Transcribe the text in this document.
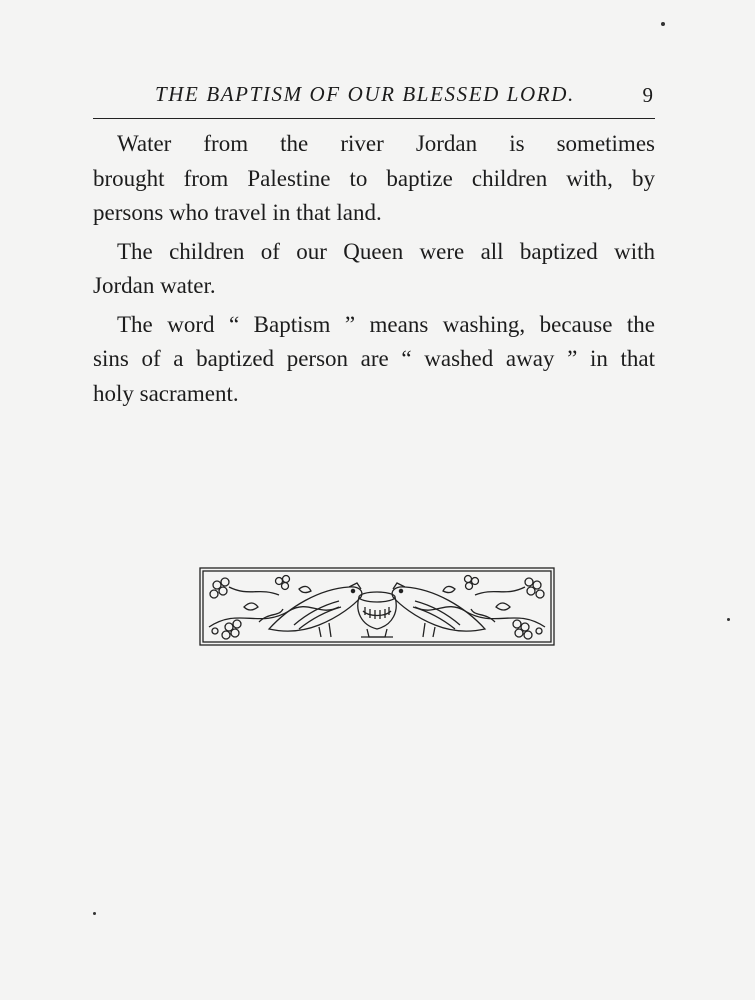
THE BAPTISM OF OUR BLESSED LORD.	9

Water from the river Jordan is sometimes
brought from Palestine to baptize children with, by
persons who travel in that land.

The children of our Queen were all baptized with
Jordan water.

The word “ Baptism ” means washing, because the
sins of a baptized person are “ washed away ” in that
holy sacrament.
